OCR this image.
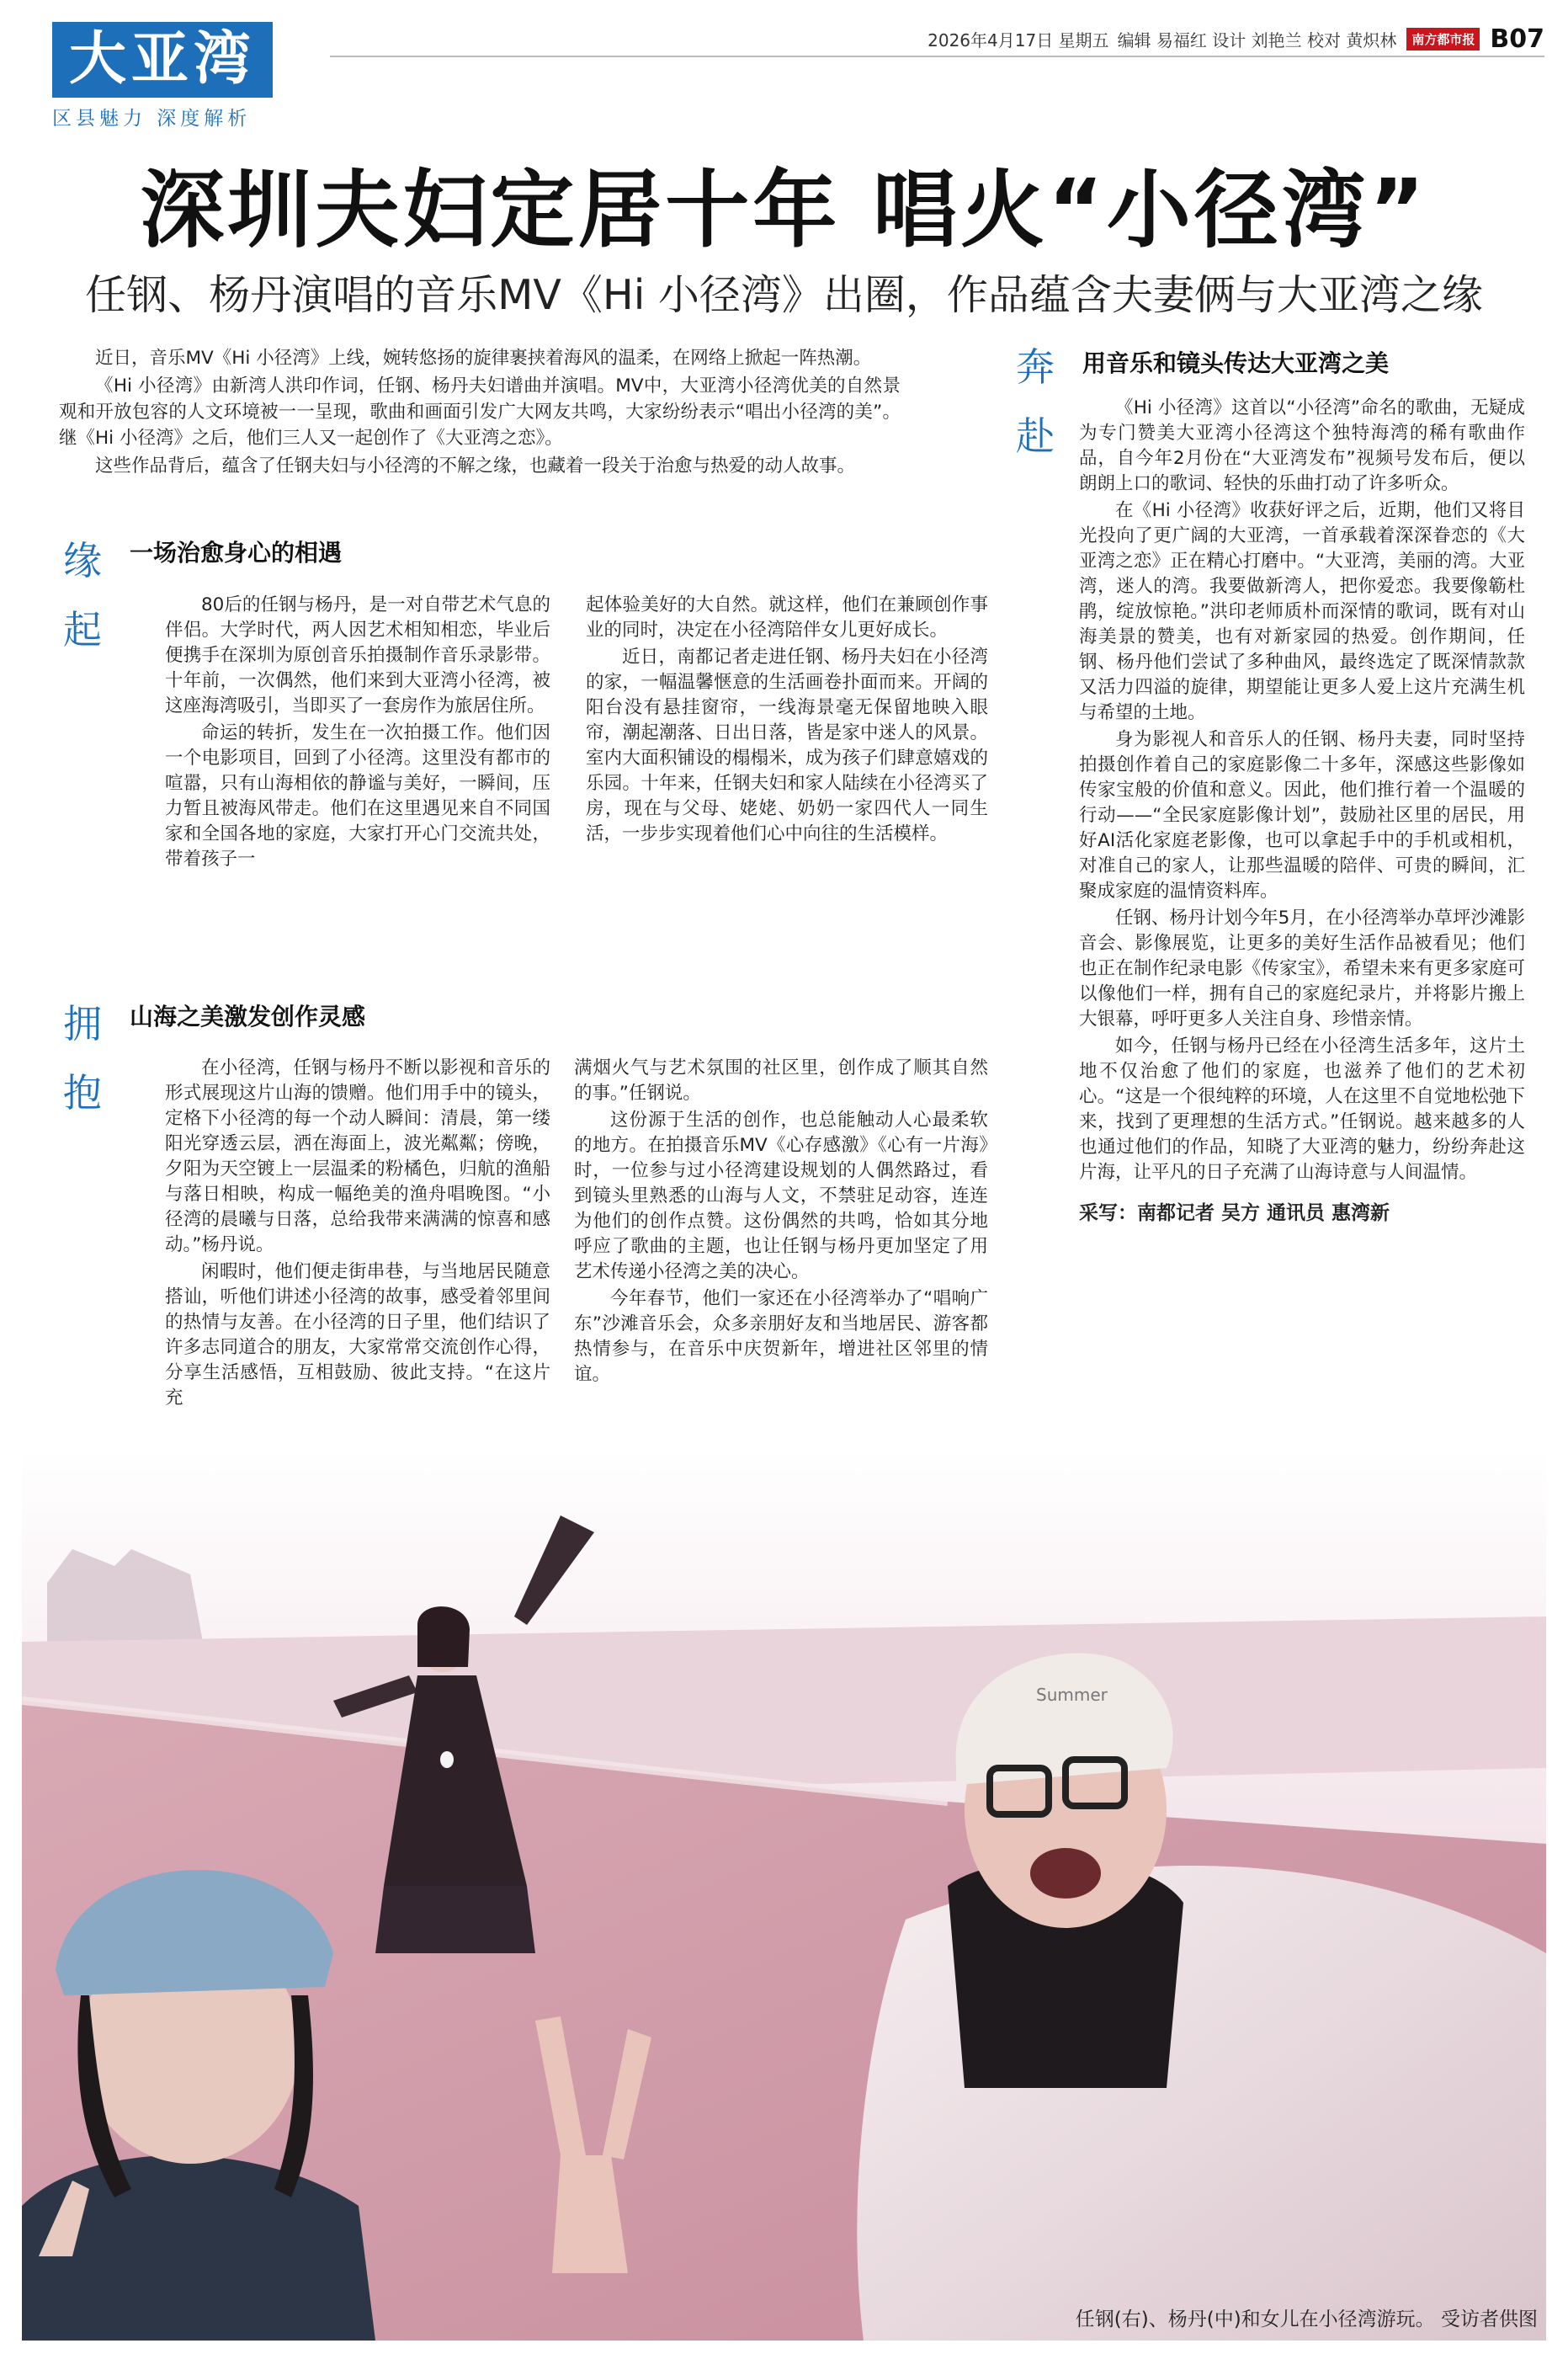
大亚湾
区县魅力 深度解析
2026年4月17日 星期五 编辑 易福红 设计 刘艳兰 校对 黄炽林	南方都市报 B07
深圳夫妇定居十年 唱火“小径湾”
任钢、杨丹演唱的音乐MV《Hi 小径湾》出圈，作品蕴含夫妻俩与大亚湾之缘

近日，音乐MV《Hi 小径湾》上线，婉转悠扬的旋律裹挟着海风的温柔，在网络上掀起一阵热潮。

《Hi 小径湾》由新湾人洪印作词，任钢、杨丹夫妇谱曲并演唱。MV中，大亚湾小径湾优美的自然景观和开放包容的人文环境被一一呈现，歌曲和画面引发广大网友共鸣，大家纷纷表示“唱出小径湾的美”。继《Hi 小径湾》之后，他们三人又一起创作了《大亚湾之恋》。

这些作品背后，蕴含了任钢夫妇与小径湾的不解之缘，也藏着一段关于治愈与热爱的动人故事。

缘
起
一场治愈身心的相遇

80后的任钢与杨丹，是一对自带艺术气息的伴侣。大学时代，两人因艺术相知相恋，毕业后便携手在深圳为原创音乐拍摄制作音乐录影带。十年前，一次偶然，他们来到大亚湾小径湾，被这座海湾吸引，当即买了一套房作为旅居住所。

命运的转折，发生在一次拍摄工作。他们因一个电影项目，回到了小径湾。这里没有都市的喧嚣，只有山海相依的静谧与美好，一瞬间，压力暂且被海风带走。他们在这里遇见来自不同国家和全国各地的家庭，大家打开心门交流共处，带着孩子一

起体验美好的大自然。就这样，他们在兼顾创作事业的同时，决定在小径湾陪伴女儿更好成长。

近日，南都记者走进任钢、杨丹夫妇在小径湾的家，一幅温馨惬意的生活画卷扑面而来。开阔的阳台没有悬挂窗帘，一线海景毫无保留地映入眼帘，潮起潮落、日出日落，皆是家中迷人的风景。室内大面积铺设的榻榻米，成为孩子们肆意嬉戏的乐园。十年来，任钢夫妇和家人陆续在小径湾买了房，现在与父母、姥姥、奶奶一家四代人一同生活，一步步实现着他们心中向往的生活模样。

拥
抱
山海之美激发创作灵感

在小径湾，任钢与杨丹不断以影视和音乐的形式展现这片山海的馈赠。他们用手中的镜头，定格下小径湾的每一个动人瞬间：清晨，第一缕阳光穿透云层，洒在海面上，波光粼粼；傍晚，夕阳为天空镀上一层温柔的粉橘色，归航的渔船与落日相映，构成一幅绝美的渔舟唱晚图。“小径湾的晨曦与日落，总给我带来满满的惊喜和感动。”杨丹说。

闲暇时，他们便走街串巷，与当地居民随意搭讪，听他们讲述小径湾的故事，感受着邻里间的热情与友善。在小径湾的日子里，他们结识了许多志同道合的朋友，大家常常交流创作心得，分享生活感悟，互相鼓励、彼此支持。“在这片充

满烟火气与艺术氛围的社区里，创作成了顺其自然的事。”任钢说。

这份源于生活的创作，也总能触动人心最柔软的地方。在拍摄音乐MV《心存感激》《心有一片海》时，一位参与过小径湾建设规划的人偶然路过，看到镜头里熟悉的山海与人文，不禁驻足动容，连连为他们的创作点赞。这份偶然的共鸣，恰如其分地呼应了歌曲的主题，也让任钢与杨丹更加坚定了用艺术传递小径湾之美的决心。

今年春节，他们一家还在小径湾举办了“唱响广东”沙滩音乐会，众多亲朋好友和当地居民、游客都热情参与，在音乐中庆贺新年，增进社区邻里的情谊。

奔
赴
用音乐和镜头传达大亚湾之美

《Hi 小径湾》这首以“小径湾”命名的歌曲，无疑成为专门赞美大亚湾小径湾这个独特海湾的稀有歌曲作品，自今年2月份在“大亚湾发布”视频号发布后，便以朗朗上口的歌词、轻快的乐曲打动了许多听众。

在《Hi 小径湾》收获好评之后，近期，他们又将目光投向了更广阔的大亚湾，一首承载着深深眷恋的《大亚湾之恋》正在精心打磨中。“大亚湾，美丽的湾。大亚湾，迷人的湾。我要做新湾人，把你爱恋。我要像簕杜鹃，绽放惊艳。”洪印老师质朴而深情的歌词，既有对山海美景的赞美，也有对新家园的热爱。创作期间，任钢、杨丹他们尝试了多种曲风，最终选定了既深情款款又活力四溢的旋律，期望能让更多人爱上这片充满生机与希望的土地。

身为影视人和音乐人的任钢、杨丹夫妻，同时坚持拍摄创作着自己的家庭影像二十多年，深感这些影像如传家宝般的价值和意义。因此，他们推行着一个温暖的行动——“全民家庭影像计划”，鼓励社区里的居民，用好AI活化家庭老影像，也可以拿起手中的手机或相机，对准自己的家人，让那些温暖的陪伴、可贵的瞬间，汇聚成家庭的温情资料库。

任钢、杨丹计划今年5月，在小径湾举办草坪沙滩影音会、影像展览，让更多的美好生活作品被看见；他们也正在制作纪录电影《传家宝》，希望未来有更多家庭可以像他们一样，拥有自己的家庭纪录片，并将影片搬上大银幕，呼吁更多人关注自身、珍惜亲情。

如今，任钢与杨丹已经在小径湾生活多年，这片土地不仅治愈了他们的家庭，也滋养了他们的艺术初心。“这是一个很纯粹的环境，人在这里不自觉地松弛下来，找到了更理想的生活方式。”任钢说。越来越多的人也通过他们的作品，知晓了大亚湾的魅力，纷纷奔赴这片海，让平凡的日子充满了山海诗意与人间温情。

采写：南都记者 吴方 通讯员 惠湾新

Summer
任钢(右)、杨丹(中)和女儿在小径湾游玩。 受访者供图
